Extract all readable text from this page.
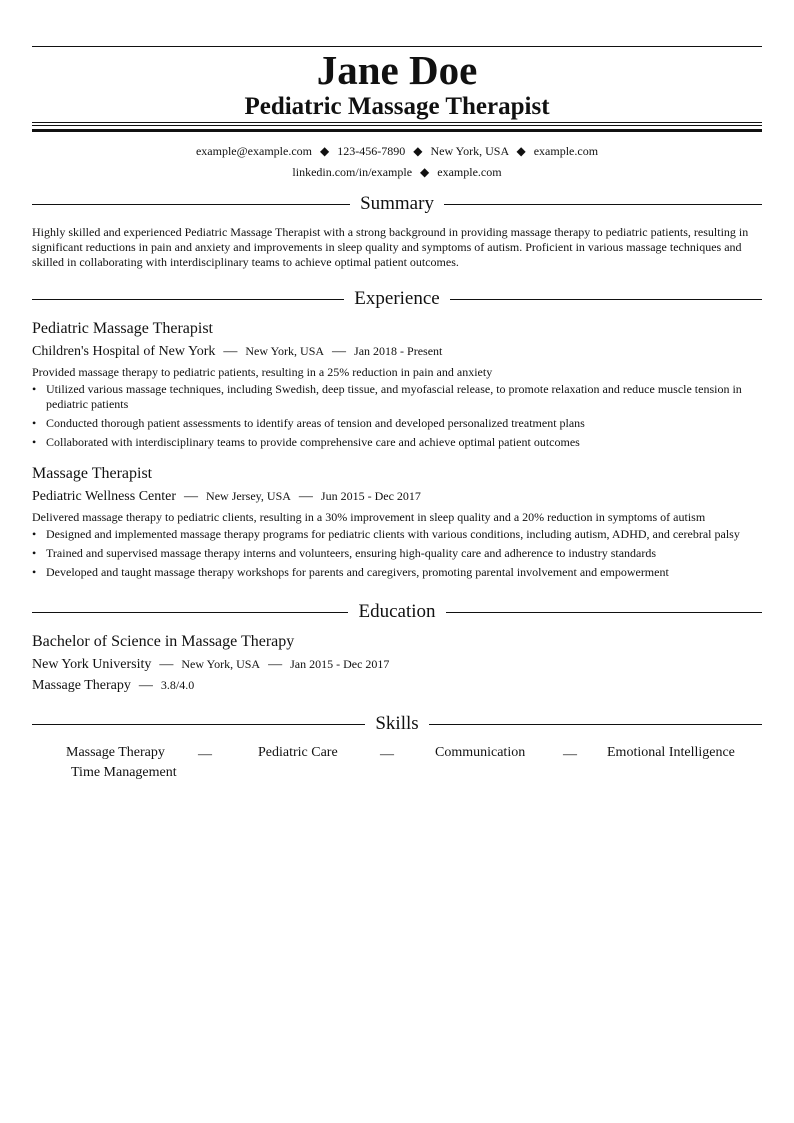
Jane Doe
Pediatric Massage Therapist
example@example.com ◆ 123-456-7890 ◆ New York, USA ◆ example.com
linkedin.com/in/example ◆ example.com
Summary

Highly skilled and experienced Pediatric Massage Therapist with a strong background in providing massage therapy to pediatric patients, resulting in significant reductions in pain and anxiety and improvements in sleep quality and symptoms of autism. Proficient in various massage techniques and skilled in collaborating with interdisciplinary teams to achieve optimal patient outcomes.

Experience

Pediatric Massage Therapist

Children's Hospital of New York — New York, USA — Jan 2018 - Present

Provided massage therapy to pediatric patients, resulting in a 25% reduction in pain and anxiety

• Utilized various massage techniques, including Swedish, deep tissue, and myofascial release, to promote relaxation and reduce muscle tension in pediatric patients
• Conducted thorough patient assessments to identify areas of tension and developed personalized treatment plans
• Collaborated with interdisciplinary teams to provide comprehensive care and achieve optimal patient outcomes

Massage Therapist

Pediatric Wellness Center — New Jersey, USA — Jun 2015 - Dec 2017

Delivered massage therapy to pediatric clients, resulting in a 30% improvement in sleep quality and a 20% reduction in symptoms of autism

• Designed and implemented massage therapy programs for pediatric clients with various conditions, including autism, ADHD, and cerebral palsy
• Trained and supervised massage therapy interns and volunteers, ensuring high-quality care and adherence to industry standards
• Developed and taught massage therapy workshops for parents and caregivers, promoting parental involvement and empowerment
Education

Bachelor of Science in Massage Therapy

New York University — New York, USA — Jan 2015 - Dec 2017

Massage Therapy — 3.8/4.0

Skills
Massage Therapy —	Pediatric Care	—	Communication	— Emotional Intelligence
Time Management
